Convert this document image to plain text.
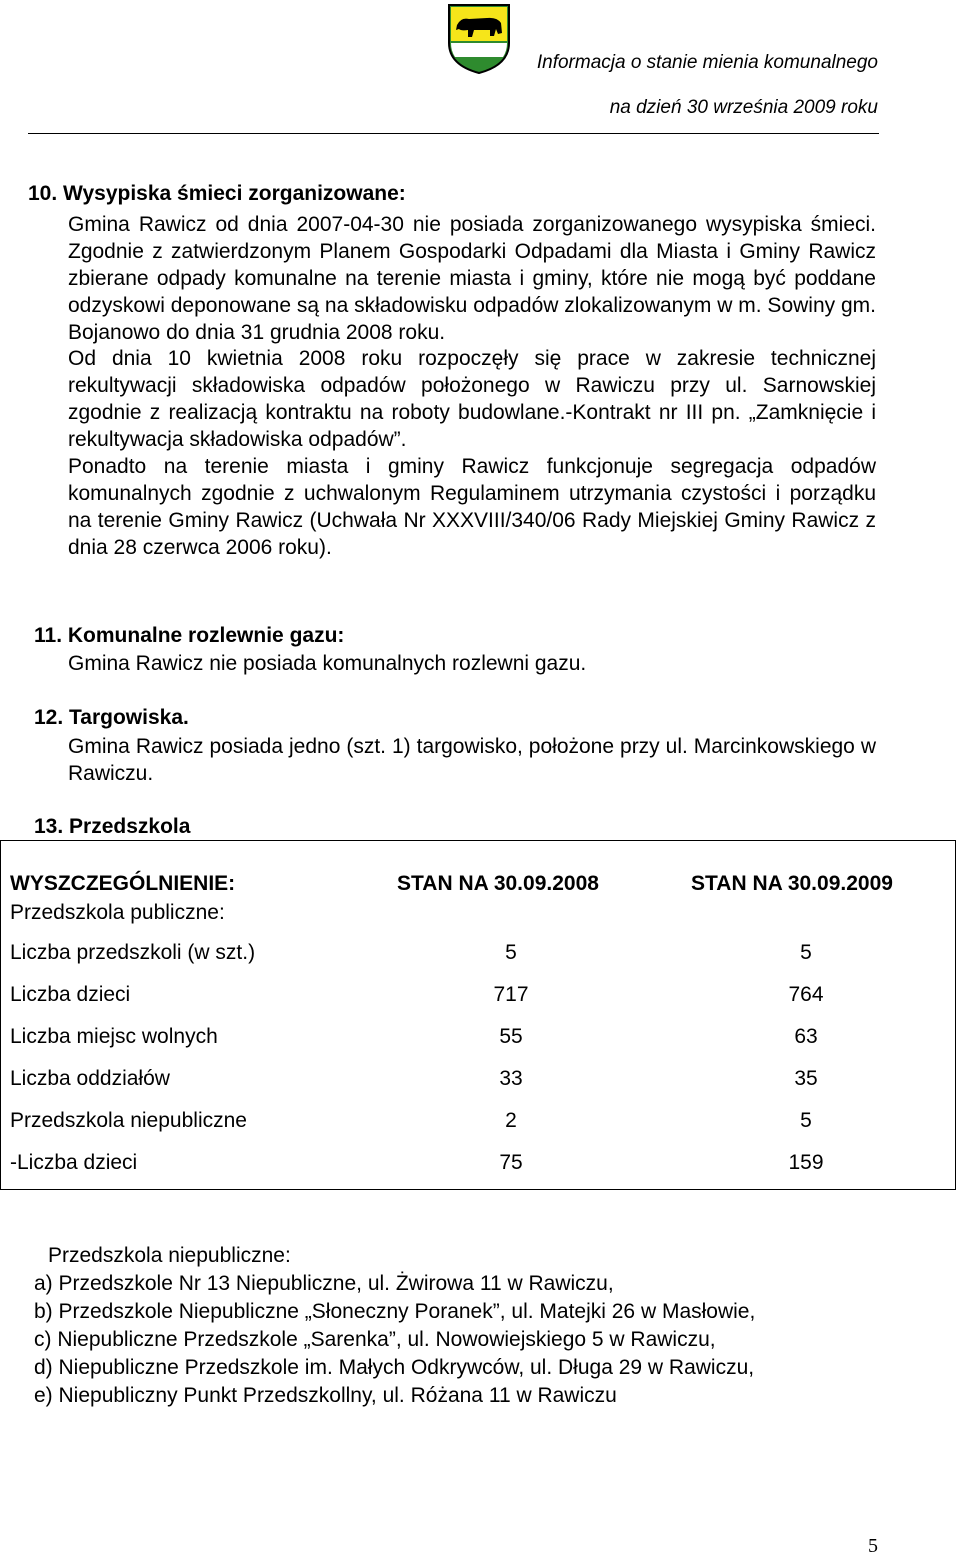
Informacja o stanie mienia komunalnego
na dzień 30 września 2009 roku
10. Wysypiska śmieci zorganizowane:

Gmina Rawicz od dnia 2007-04-30 nie posiada zorganizowanego wysypiska śmieci. Zgodnie z zatwierdzonym Planem Gospodarki Odpadami dla Miasta i Gminy Rawicz zbierane odpady komunalne na terenie miasta i gminy, które nie mogą być poddane odzyskowi deponowane są na składowisku odpadów zlokalizowanym w m. Sowiny gm. Bojanowo do dnia 31 grudnia 2008 roku.

Od dnia 10 kwietnia 2008 roku rozpoczęły się prace w zakresie technicznej rekultywacji składowiska odpadów położonego w Rawiczu przy ul. Sarnowskiej zgodnie z realizacją kontraktu na roboty budowlane.-Kontrakt nr III pn. „Zamknięcie i rekultywacja składowiska odpadów”.

Ponadto na terenie miasta i gminy Rawicz funkcjonuje segregacja odpadów komunalnych zgodnie z uchwalonym Regulaminem utrzymania czystości i porządku na terenie Gminy Rawicz (Uchwała Nr XXXVIII/340/06 Rady Miejskiej Gminy Rawicz z dnia 28 czerwca 2006 roku).

11. Komunalne rozlewnie gazu:
Gmina Rawicz nie posiada komunalnych rozlewni gazu.
12. Targowiska.

Gmina Rawicz posiada jedno (szt. 1) targowisko, położone przy ul. Marcinkowskiego w Rawiczu.

13. Przedszkola
WYSZCZEGÓLNIENIE:	STAN NA 30.09.2008	STAN NA 30.09.2009
Przedszkola publiczne:
Liczba przedszkoli (w szt.)	5	5
Liczba dzieci	717	764
Liczba miejsc wolnych	55	63
Liczba oddziałów	33	35
Przedszkola niepubliczne	2	5
-Liczba dzieci	75	159
Przedszkola niepubliczne:
a) Przedszkole Nr 13 Niepubliczne, ul. Żwirowa 11 w Rawiczu,
b) Przedszkole Niepubliczne „Słoneczny Poranek”, ul. Matejki 26 w Masłowie,
c) Niepubliczne Przedszkole „Sarenka”, ul. Nowowiejskiego 5 w Rawiczu,
d) Niepubliczne Przedszkole im. Małych Odkrywców, ul. Długa 29 w Rawiczu,
e) Niepubliczny Punkt Przedszkollny, ul. Różana 11 w Rawiczu
5
